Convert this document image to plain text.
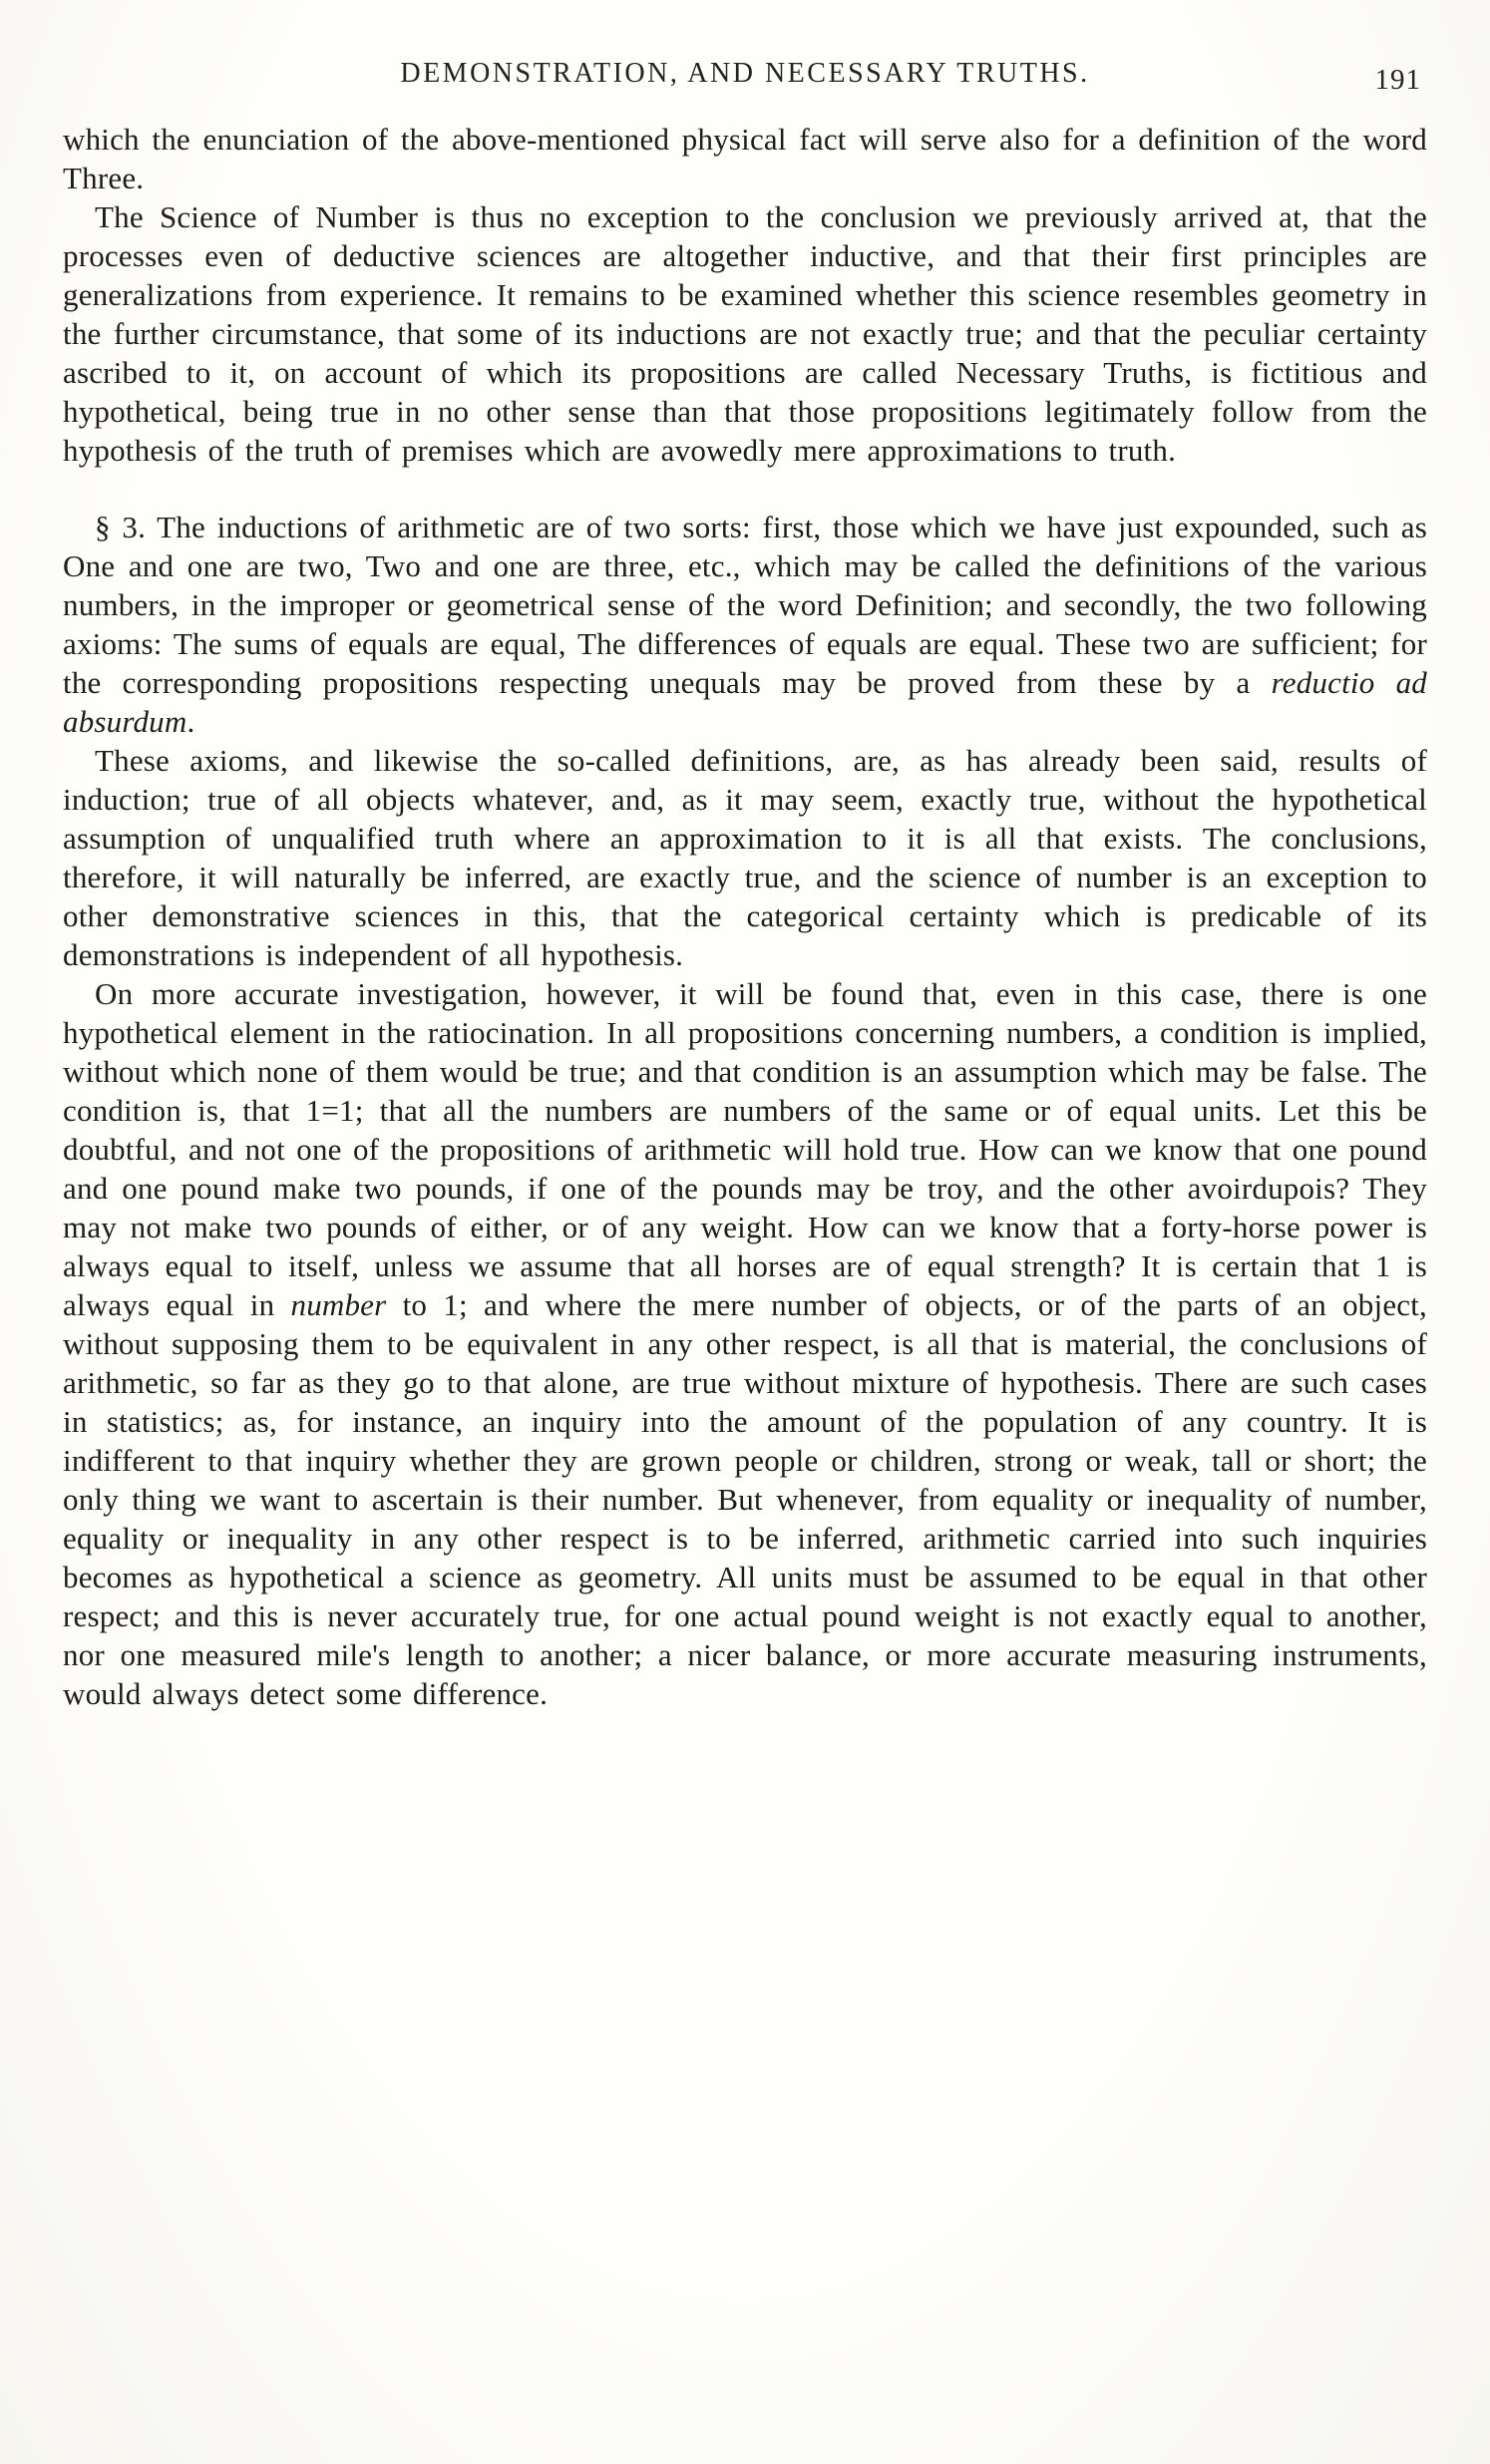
DEMONSTRATION, AND NECESSARY TRUTHS.	191

which the enunciation of the above-mentioned physical fact will serve also for a definition of the word Three.

The Science of Number is thus no exception to the conclusion we previously arrived at, that the processes even of deductive sciences are altogether inductive, and that their first principles are generalizations from experience. It remains to be examined whether this science resembles geometry in the further circumstance, that some of its inductions are not exactly true; and that the peculiar certainty ascribed to it, on account of which its propositions are called Necessary Truths, is fictitious and hypothetical, being true in no other sense than that those propositions legitimately follow from the hypothesis of the truth of premises which are avowedly mere approximations to truth.

§ 3. The inductions of arithmetic are of two sorts: first, those which we have just expounded, such as One and one are two, Two and one are three, etc., which may be called the definitions of the various numbers, in the improper or geometrical sense of the word Definition; and secondly, the two following axioms: The sums of equals are equal, The differences of equals are equal. These two are sufficient; for the corresponding propositions respecting unequals may be proved from these by a reductio ad absurdum.

These axioms, and likewise the so-called definitions, are, as has already been said, results of induction; true of all objects whatever, and, as it may seem, exactly true, without the hypothetical assumption of unqualified truth where an approximation to it is all that exists. The conclusions, therefore, it will naturally be inferred, are exactly true, and the science of number is an exception to other demonstrative sciences in this, that the categorical certainty which is predicable of its demonstrations is independent of all hypothesis.

On more accurate investigation, however, it will be found that, even in this case, there is one hypothetical element in the ratiocination. In all propositions concerning numbers, a condition is implied, without which none of them would be true; and that condition is an assumption which may be false. The condition is, that 1=1; that all the numbers are numbers of the same or of equal units. Let this be doubtful, and not one of the propositions of arithmetic will hold true. How can we know that one pound and one pound make two pounds, if one of the pounds may be troy, and the other avoirdupois? They may not make two pounds of either, or of any weight. How can we know that a forty-horse power is always equal to itself, unless we assume that all horses are of equal strength? It is certain that 1 is always equal in number to 1; and where the mere number of objects, or of the parts of an object, without supposing them to be equivalent in any other respect, is all that is material, the conclusions of arithmetic, so far as they go to that alone, are true without mixture of hypothesis. There are such cases in statistics; as, for instance, an inquiry into the amount of the population of any country. It is indifferent to that inquiry whether they are grown people or children, strong or weak, tall or short; the only thing we want to ascertain is their number. But whenever, from equality or inequality of number, equality or inequality in any other respect is to be inferred, arithmetic carried into such inquiries becomes as hypothetical a science as geometry. All units must be assumed to be equal in that other respect; and this is never accurately true, for one actual pound weight is not exactly equal to another, nor one measured mile's length to another; a nicer balance, or more accurate measuring instruments, would always detect some difference.
